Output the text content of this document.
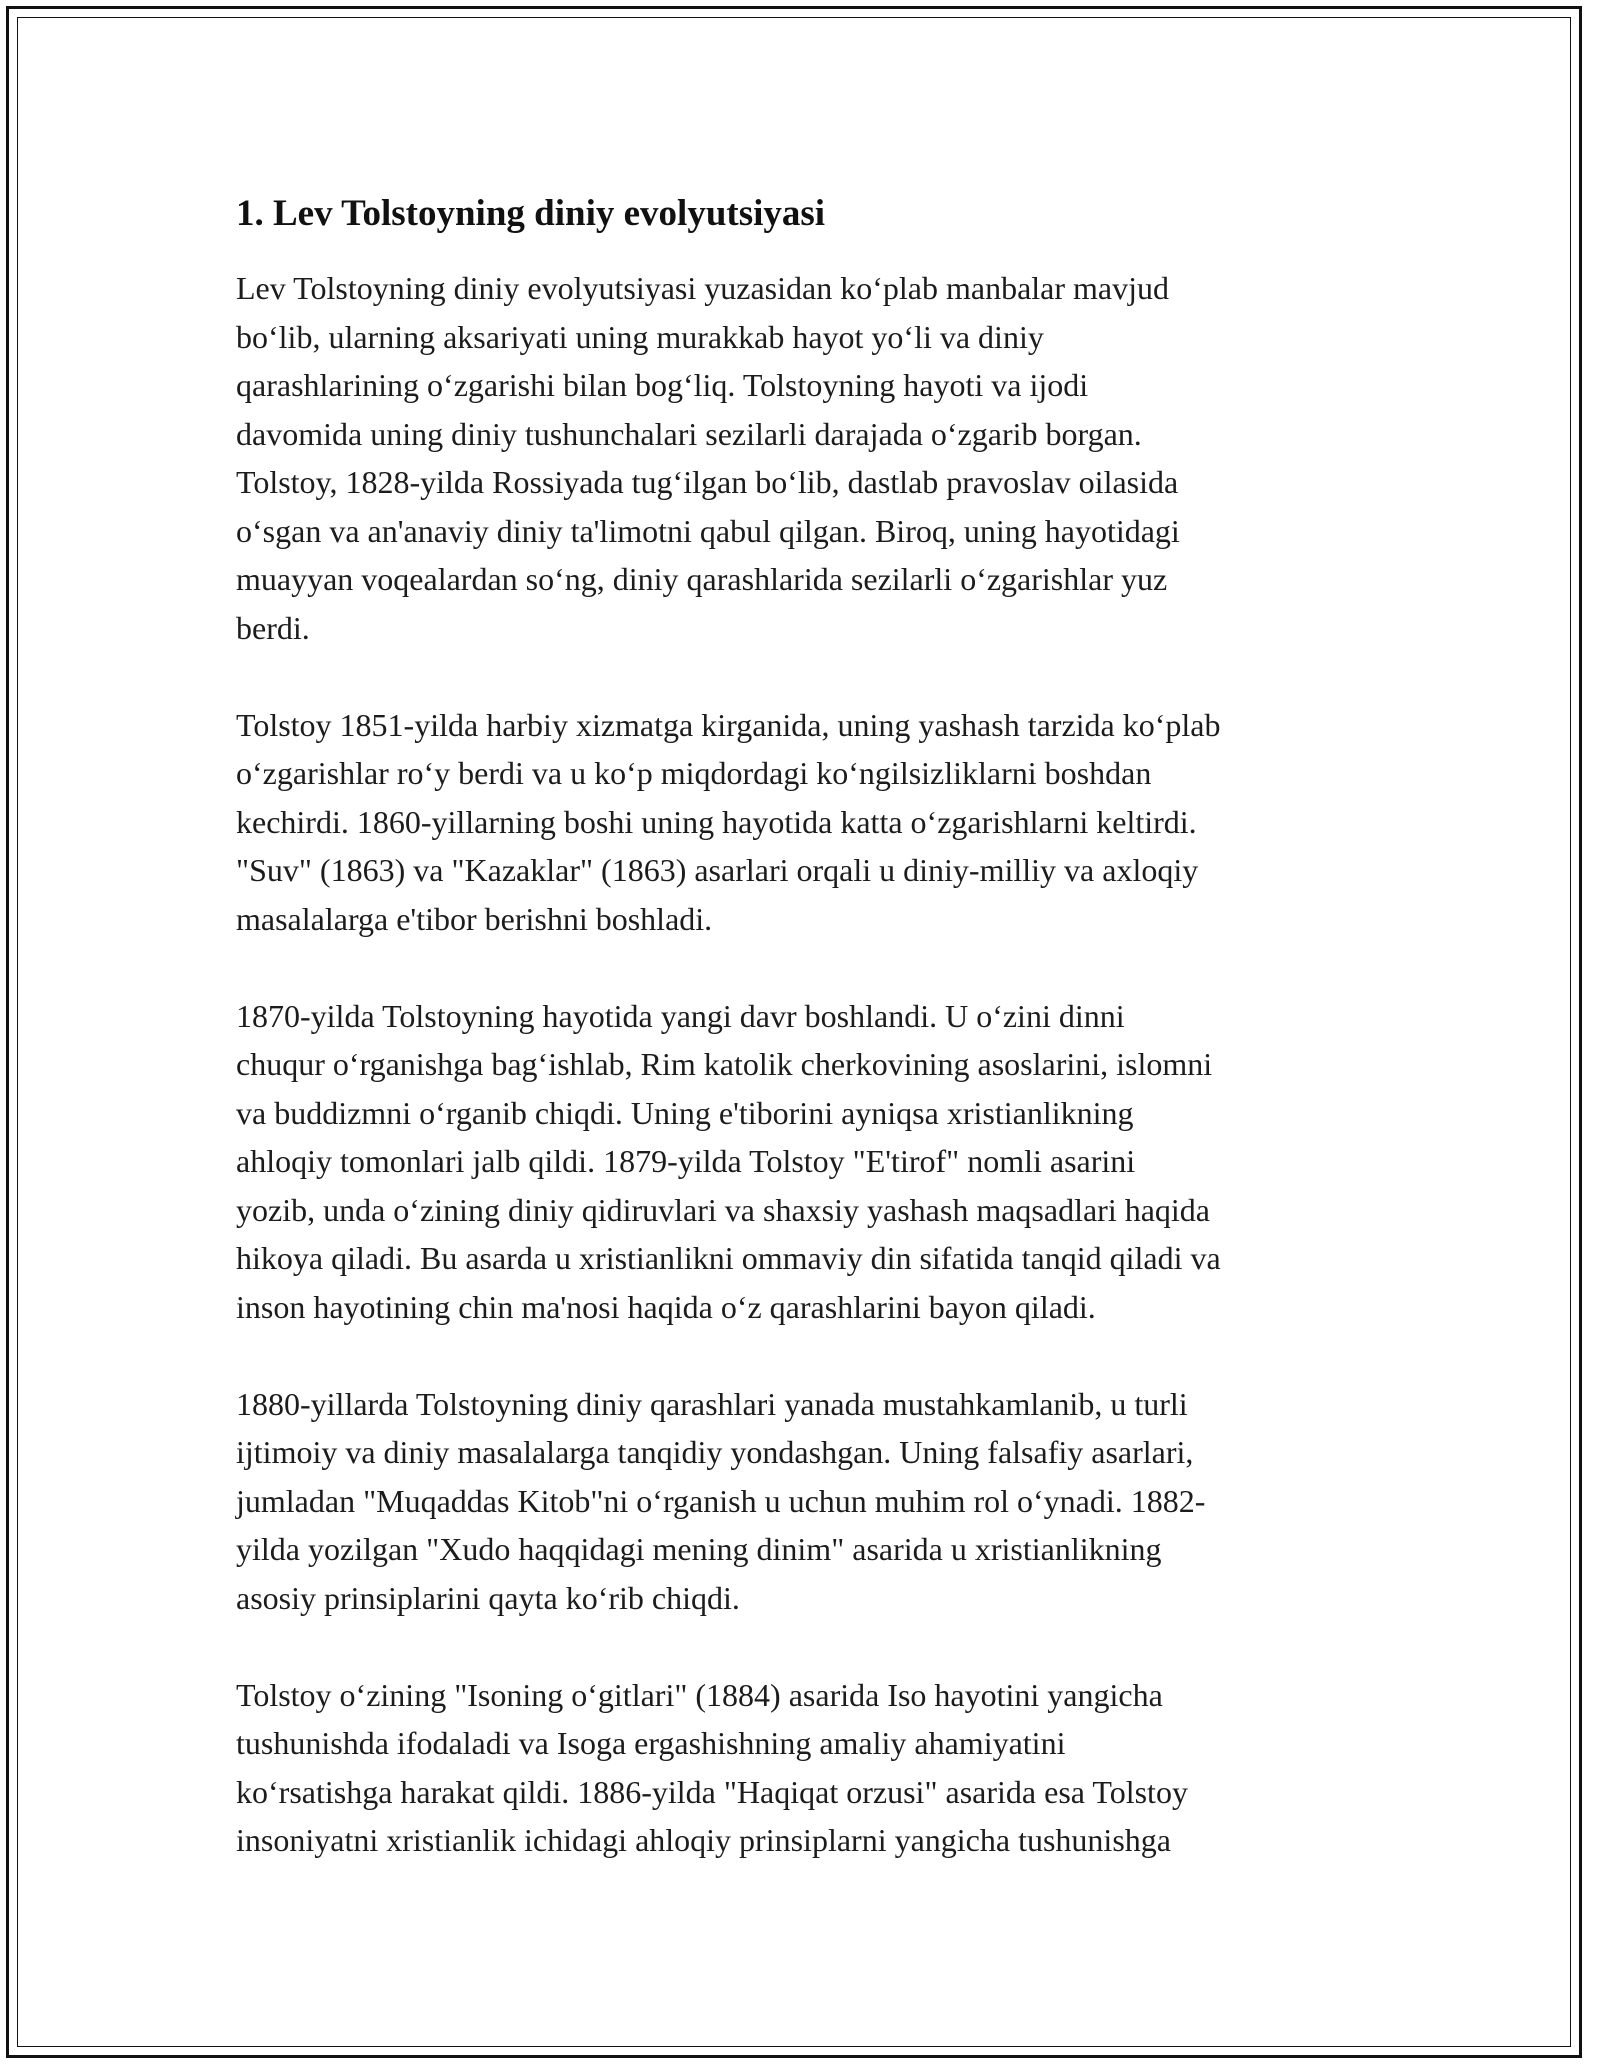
1. Lev Tolstoyning diniy evolyutsiyasi
Lev Tolstoyning diniy evolyutsiyasi yuzasidan ko‘plab manbalar mavjud
bo‘lib, ularning aksariyati uning murakkab hayot yo‘li va diniy
qarashlarining o‘zgarishi bilan bog‘liq. Tolstoyning hayoti va ijodi
davomida uning diniy tushunchalari sezilarli darajada o‘zgarib borgan.
Tolstoy, 1828-yilda Rossiyada tug‘ilgan bo‘lib, dastlab pravoslav oilasida
o‘sgan va an'anaviy diniy ta'limotni qabul qilgan. Biroq, uning hayotidagi
muayyan voqealardan so‘ng, diniy qarashlarida sezilarli o‘zgarishlar yuz
berdi.
Tolstoy 1851-yilda harbiy xizmatga kirganida, uning yashash tarzida ko‘plab
o‘zgarishlar ro‘y berdi va u ko‘p miqdordagi ko‘ngilsizliklarni boshdan
kechirdi. 1860-yillarning boshi uning hayotida katta o‘zgarishlarni keltirdi.
"Suv" (1863) va "Kazaklar" (1863) asarlari orqali u diniy-milliy va axloqiy
masalalarga e'tibor berishni boshladi.
1870-yilda Tolstoyning hayotida yangi davr boshlandi. U o‘zini dinni
chuqur o‘rganishga bag‘ishlab, Rim katolik cherkovining asoslarini, islomni
va buddizmni o‘rganib chiqdi. Uning e'tiborini ayniqsa xristianlikning
ahloqiy tomonlari jalb qildi. 1879-yilda Tolstoy "E'tirof" nomli asarini
yozib, unda o‘zining diniy qidiruvlari va shaxsiy yashash maqsadlari haqida
hikoya qiladi. Bu asarda u xristianlikni ommaviy din sifatida tanqid qiladi va
inson hayotining chin ma'nosi haqida o‘z qarashlarini bayon qiladi.
1880-yillarda Tolstoyning diniy qarashlari yanada mustahkamlanib, u turli
ijtimoiy va diniy masalalarga tanqidiy yondashgan. Uning falsafiy asarlari,
jumladan "Muqaddas Kitob"ni o‘rganish u uchun muhim rol o‘ynadi. 1882-
yilda yozilgan "Xudo haqqidagi mening dinim" asarida u xristianlikning
asosiy prinsiplarini qayta ko‘rib chiqdi.
Tolstoy o‘zining "Isoning o‘gitlari" (1884) asarida Iso hayotini yangicha
tushunishda ifodaladi va Isoga ergashishning amaliy ahamiyatini
ko‘rsatishga harakat qildi. 1886-yilda "Haqiqat orzusi" asarida esa Tolstoy
insoniyatni xristianlik ichidagi ahloqiy prinsiplarni yangicha tushunishga
